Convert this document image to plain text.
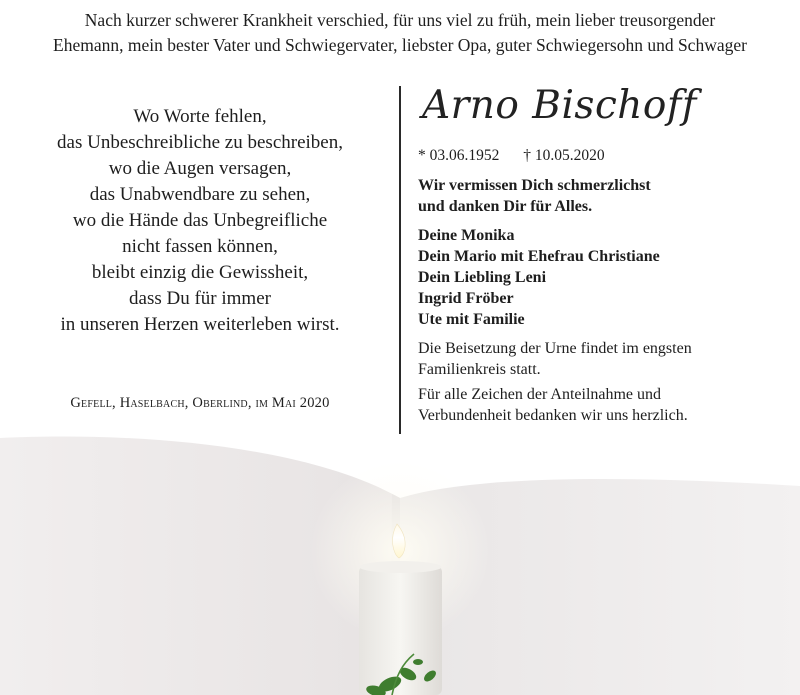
Nach kurzer schwerer Krankheit verschied, für uns viel zu früh, mein lieber treusorgender
Ehemann, mein bester Vater und Schwiegervater, liebster Opa, guter Schwiegersohn und Schwager
Wo Worte fehlen,
das Unbeschreibliche zu beschreiben,
wo die Augen versagen,
das Unabwendbare zu sehen,
wo die Hände das Unbegreifliche
nicht fassen können,
bleibt einzig die Gewissheit,
dass Du für immer
in unseren Herzen weiterleben wirst.
Gefell, Haselbach, Oberlind, im Mai 2020
Arno Bischoff
* 03.06.1952 † 10.05.2020
Wir vermissen Dich schmerzlichst
und danken Dir für Alles.
Deine Monika
Dein Mario mit Ehefrau Christiane
Dein Liebling Leni
Ingrid Fröber
Ute mit Familie
Die Beisetzung der Urne findet im engsten
Familienkreis statt.
Für alle Zeichen der Anteilnahme und
Verbundenheit bedanken wir uns herzlich.
